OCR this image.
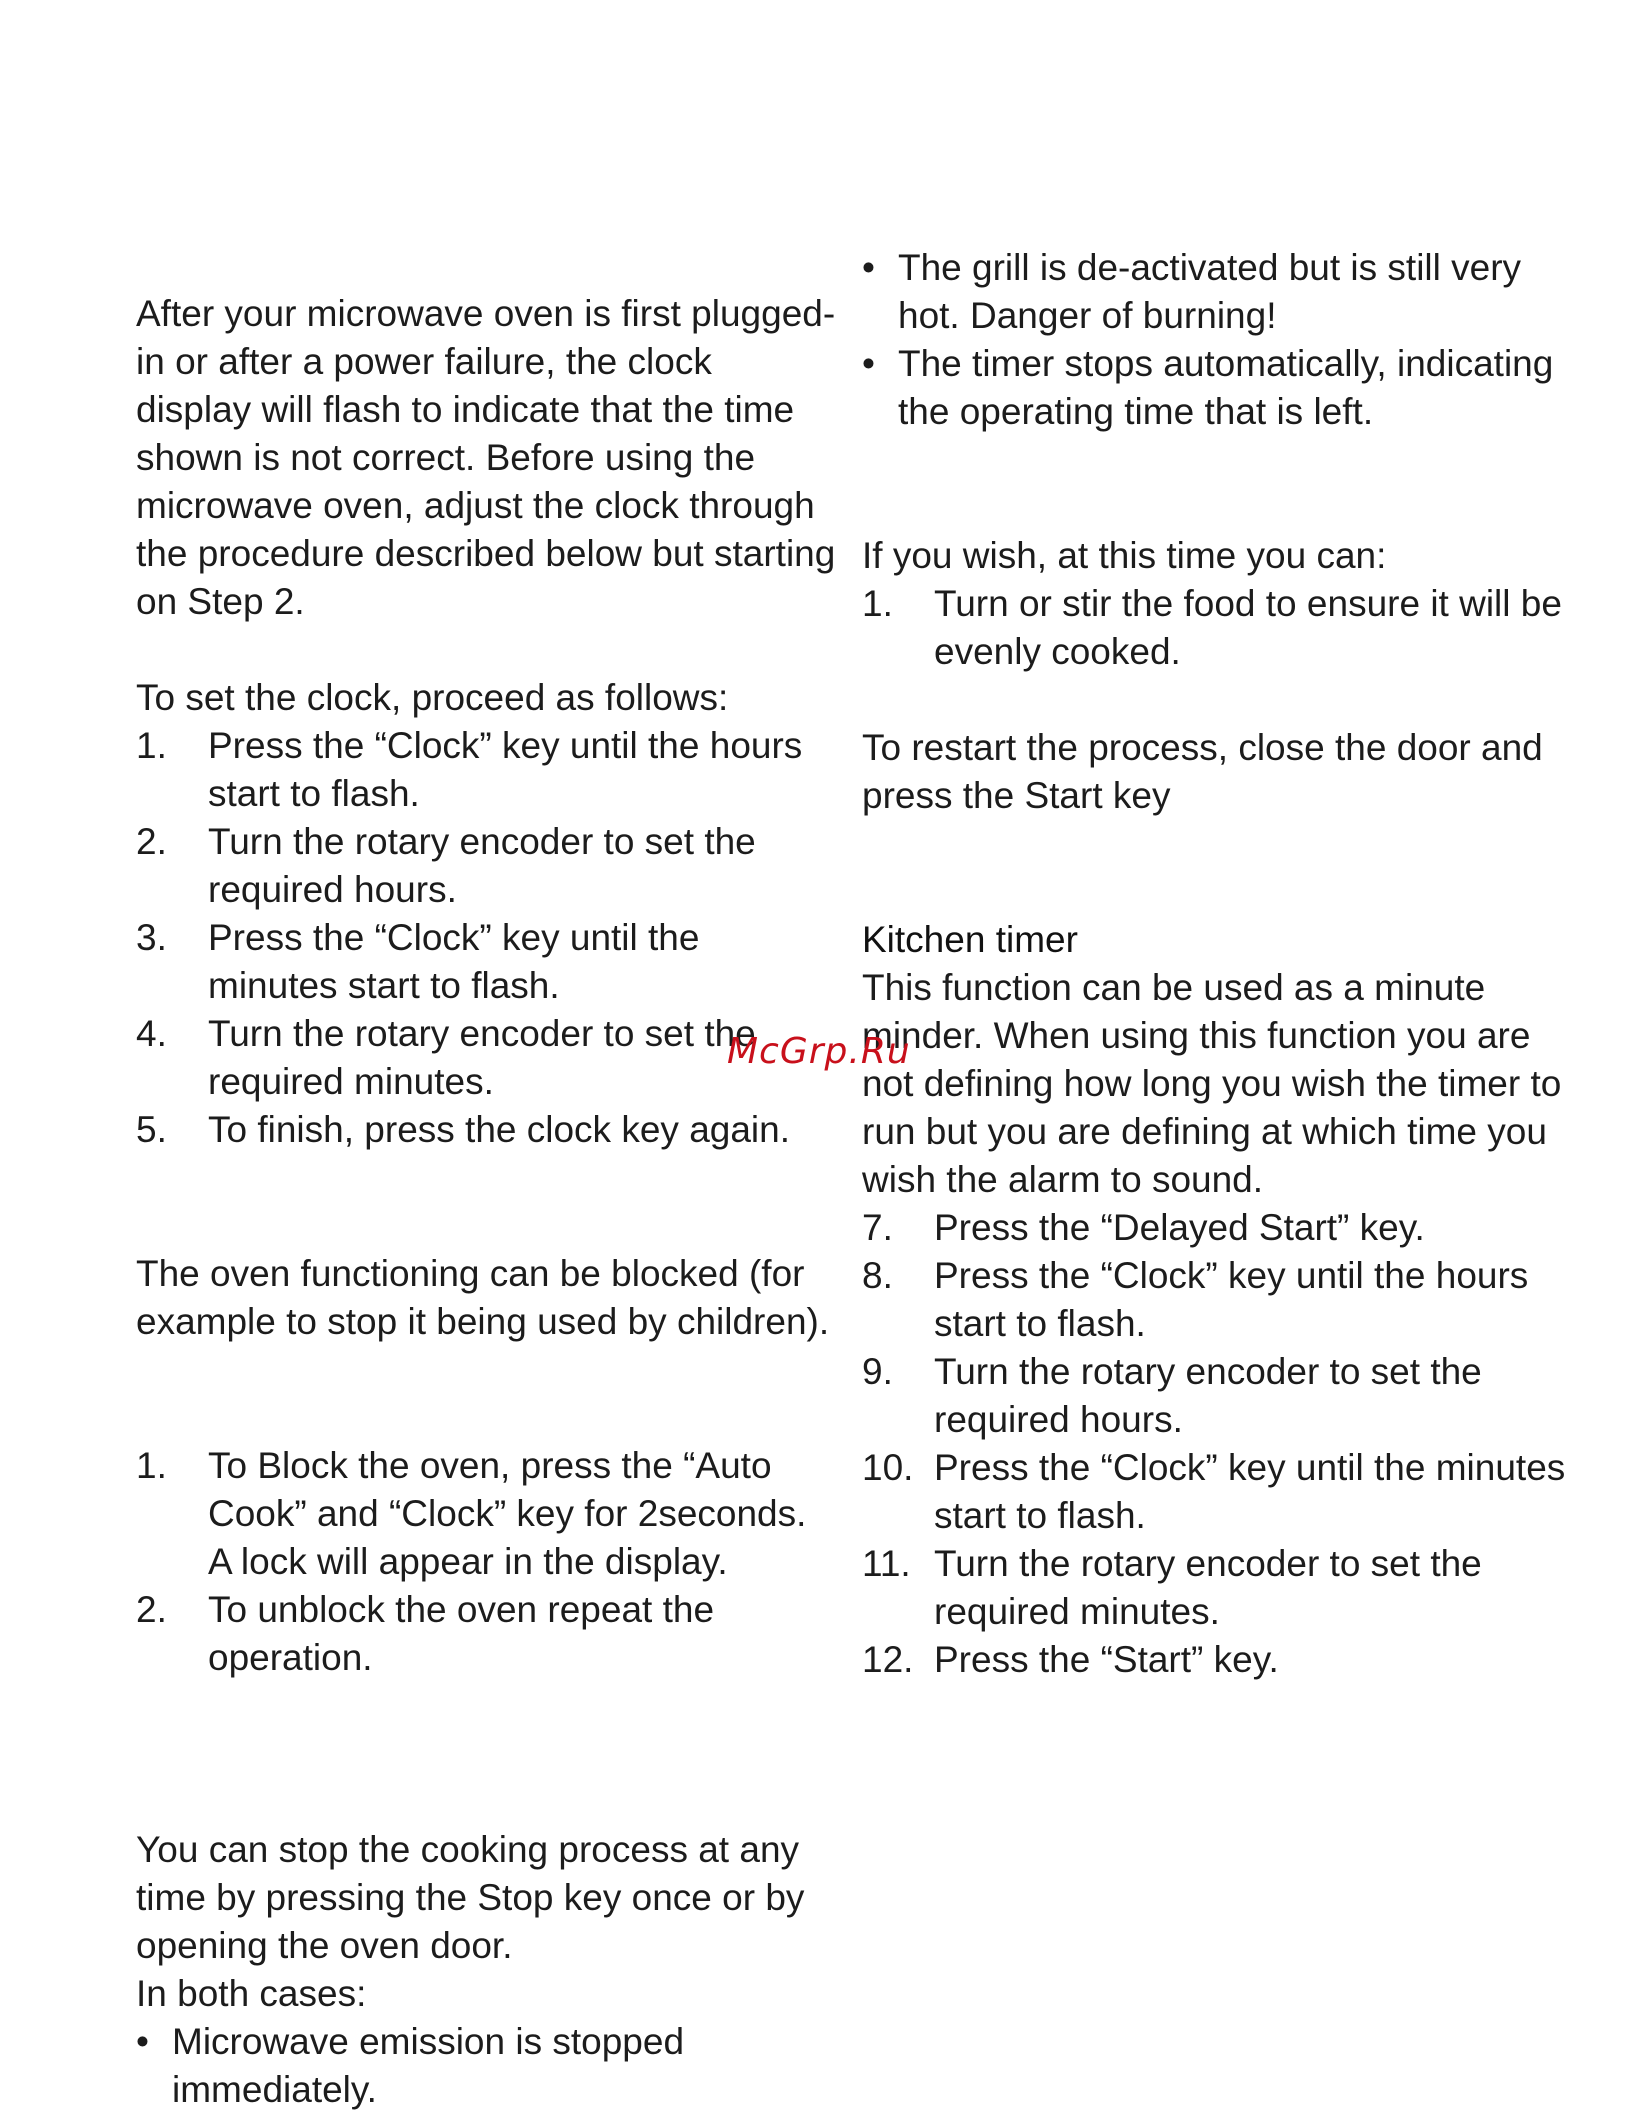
After your microwave oven is first plugged-in or after a power failure, the clock display will flash to indicate that the time shown is not correct. Before using the microwave oven, adjust the clock through the procedure described below but starting on Step 2.

To set the clock, proceed as follows:

1. Press the “Clock” key until the hours start to flash.
2. Turn the rotary encoder to set the required hours.
3. Press the “Clock” key until the minutes start to flash.
4. Turn the rotary encoder to set the required minutes.
5. To finish, press the clock key again.

The oven functioning can be blocked (for example to stop it being used by children).

1. To Block the oven, press the “Auto Cook” and “Clock” key for 2seconds. A lock will appear in the display.
2. To unblock the oven repeat the operation.

You can stop the cooking process at any time by pressing the Stop key once or by opening the oven door.

In both cases:

• Microwave emission is stopped immediately.
• The grill is de-activated but is still very hot. Danger of burning!
• The timer stops automatically, indicating the operating time that is left.

If you wish, at this time you can:

1. Turn or stir the food to ensure it will be evenly cooked.

To restart the process, close the door and press the Start key

Kitchen timer

This function can be used as a minute minder. When using this function you are not defining how long you wish the timer to run but you are defining at which time you wish the alarm to sound.

7. Press the “Delayed Start” key.
8. Press the “Clock” key until the hours start to flash.
9. Turn the rotary encoder to set the required hours.
10. Press the “Clock” key until the minutes start to flash.
11. Turn the rotary encoder to set the required minutes.
12. Press the “Start” key.
McGrp.Ru
